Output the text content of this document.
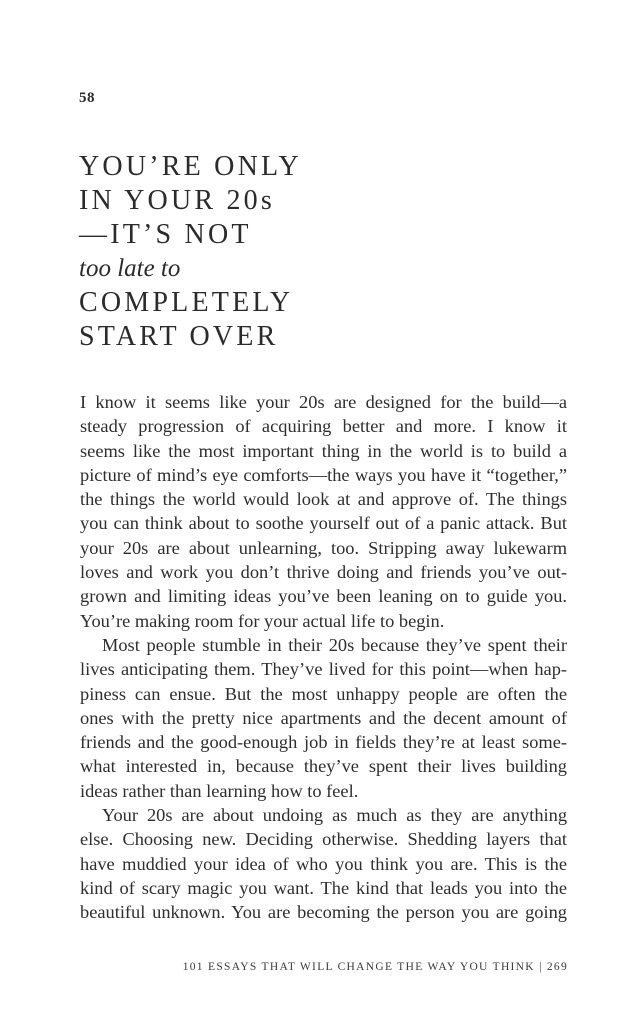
58
YOU’RE ONLY
IN YOUR 20s
—IT’S NOT
too late to
COMPLETELY
START OVER
I know it seems like your 20s are designed for the build—a
steady progression of acquiring better and more. I know it
seems like the most important thing in the world is to build a
picture of mind’s eye comforts—the ways you have it “together,”
the things the world would look at and approve of. The things
you can think about to soothe yourself out of a panic attack. But
your 20s are about unlearning, too. Stripping away lukewarm
loves and work you don’t thrive doing and friends you’ve out-
grown and limiting ideas you’ve been leaning on to guide you.
You’re making room for your actual life to begin.
Most people stumble in their 20s because they’ve spent their
lives anticipating them. They’ve lived for this point—when hap-
piness can ensue. But the most unhappy people are often the
ones with the pretty nice apartments and the decent amount of
friends and the good-enough job in fields they’re at least some-
what interested in, because they’ve spent their lives building
ideas rather than learning how to feel.
Your 20s are about undoing as much as they are anything
else. Choosing new. Deciding otherwise. Shedding layers that
have muddied your idea of who you think you are. This is the
kind of scary magic you want. The kind that leads you into the
beautiful unknown. You are becoming the person you are going
101 ESSAYS THAT WILL CHANGE THE WAY YOU THINK | 269
